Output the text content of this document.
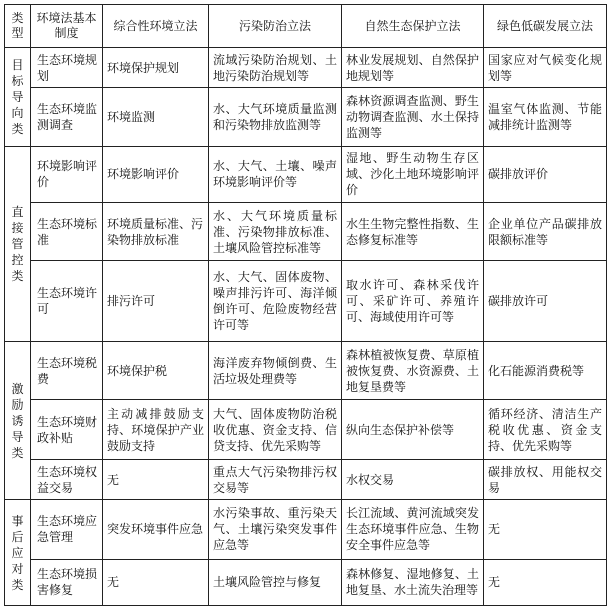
类型	环境法基本制度	综合性环境立法	污染防治立法	自然生态保护立法	绿色低碳发展立法
目标导向类	生态环境规划	环境保护规划	流域污染防治规划、土地污染防治规划等	林业发展规划、自然保护地规划等	国家应对气候变化规划等

	生态环境监测调查	环境监测	水、大气环境质量监测和污染物排放监测等	森林资源调查监测、野生动物调查监测、水土保持监测等	温室气体监测、节能减排统计监测等

直接管控类	环境影响评价	环境影响评价	水、大气、土壤、噪声环境影响评价等	湿地、野生动物生存区域、沙化土地环境影响评价	碳排放评价

	生态环境标准	环境质量标准、污染物排放标准	水、大气环境质量标准、污染物排放标准、土壤风险管控标准等	水生生物完整性指数、生态修复标准等	企业单位产品碳排放限额标准等

	生态环境许可	排污许可	水、大气、固体废物、噪声排污许可、海洋倾倒许可、危险废物经营许可等	取水许可、森林采伐许可、采矿许可、养殖许可、海域使用许可等	碳排放许可

激励诱导类	生态环境税费	环境保护税	海洋废弃物倾倒费、生活垃圾处理费等	森林植被恢复费、草原植被恢复费、水资源费、土地复垦费等	化石能源消费税等

	生态环境财政补贴	主动减排鼓励支持、环境保护产业鼓励支持	大气、固体废物防治税收优惠、资金支持、信贷支持、优先采购等	纵向生态保护补偿等	循环经济、清洁生产税收优惠、资金支持、优先采购等

	生态环境权益交易	无	重点大气污染物排污权交易等	水权交易	碳排放权、用能权交易

事后应对类	生态环境应急管理	突发环境事件应急	水污染事故、重污染天气、土壤污染突发事件应急等	长江流域、黄河流域突发生态环境事件应急、生物安全事件应急等	无
	生态环境损害修复	无	土壤风险管控与修复	森林修复、湿地修复、土地复垦、水土流失治理等	无
